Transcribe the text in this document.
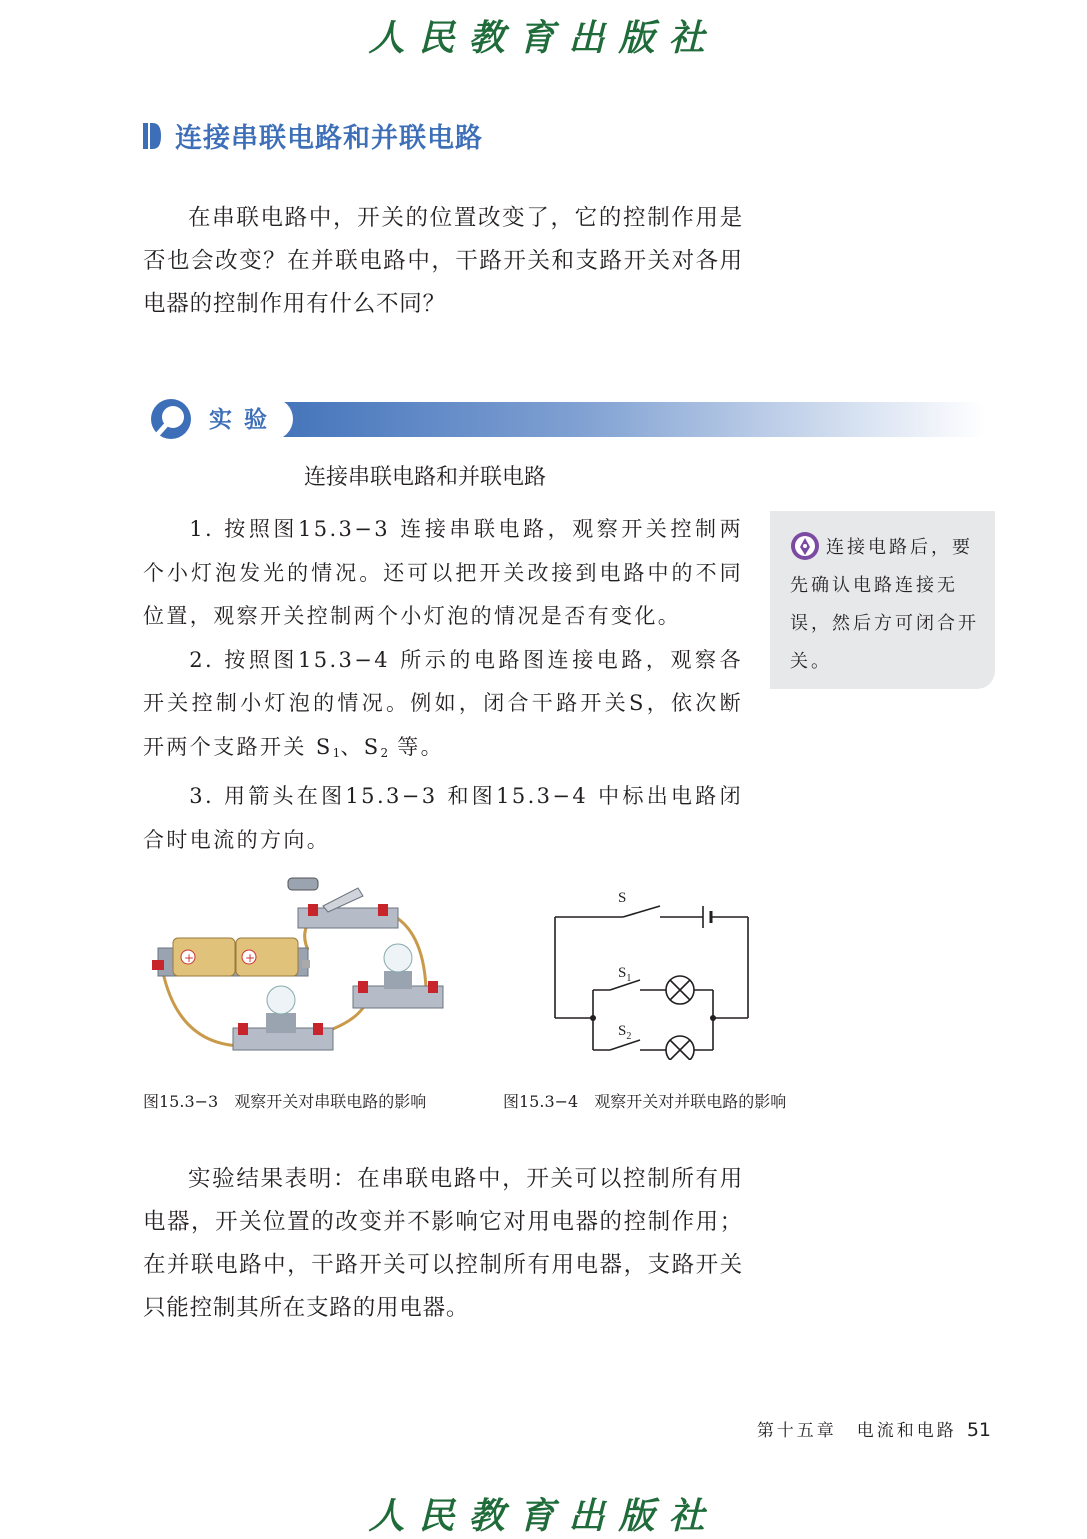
人民教育出版社
连接串联电路和并联电路

在串联电路中，开关的位置改变了，它的控制作用是否也会改变？在并联电路中，干路开关和支路开关对各用电器的控制作用有什么不同？

实验
连接串联电路和并联电路

1. 按照图15.3−3 连接串联电路，观察开关控制两个小灯泡发光的情况。还可以把开关改接到电路中的不同位置，观察开关控制两个小灯泡的情况是否有变化。

2. 按照图15.3−4 所示的电路图连接电路，观察各开关控制小灯泡的情况。例如，闭合干路开关S，依次断开两个支路开关 $S_1$、$S_2$ 等。

3. 用箭头在图15.3−3 和图15.3−4 中标出电路闭合时电流的方向。

连接电路后，要先确认电路连接无误，然后方可闭合开关。
+	+
S
$S_1$
$S_2$
图15.3−3　观察开关对串联电路的影响	图15.3−4　观察开关对并联电路的影响

实验结果表明：在串联电路中，开关可以控制所有用电器，开关位置的改变并不影响它对用电器的控制作用；在并联电路中，干路开关可以控制所有用电器，支路开关只能控制其所在支路的用电器。

第十五章　电流和电路 51
人民教育出版社
